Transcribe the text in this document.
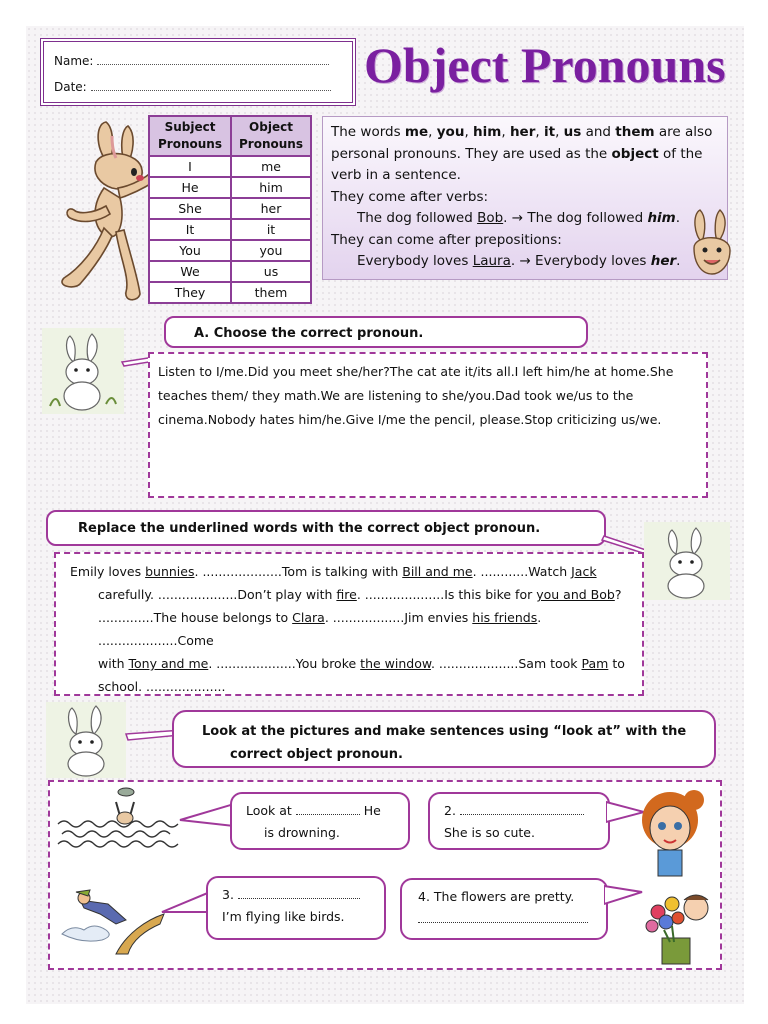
Name:
Date:	Object Pronouns
Subject Pronouns	Object Pronouns
I	me
He	him
She	her
It	it
You	you
We	us
They	them
The words me, you, him, her, it, us and them are also personal pronouns. They are used as the object of the verb in a sentence.
They come after verbs:
The dog followed Bob. → The dog followed him.
They can come after prepositions:
Everybody loves Laura. → Everybody loves her.
A. Choose the correct pronoun.
Listen to I/me.Did you meet she/her?The cat ate it/its all.I left him/he at home.She teaches them/ they math.We are listening to she/you.Dad took we/us to the cinema.Nobody hates him/he.Give I/me the pencil, please.Stop criticizing us/we.
Replace the underlined words with the correct object pronoun.
Emily loves bunnies. ....................Tom is talking with Bill and me. ............Watch Jack
carefully. ....................Don’t play with fire. ....................Is this bike for you and Bob?
..............The house belongs to Clara. ..................Jim envies his friends. ....................Come
with Tony and me. ....................You broke the window. ....................Sam took Pam to
school. ....................
Look at the pictures and make sentences using “look at” with the
correct object pronoun.
Look at	He
is drowning.
2.
She is so cute.
3.
I’m flying like birds.
4. The flowers are pretty.
